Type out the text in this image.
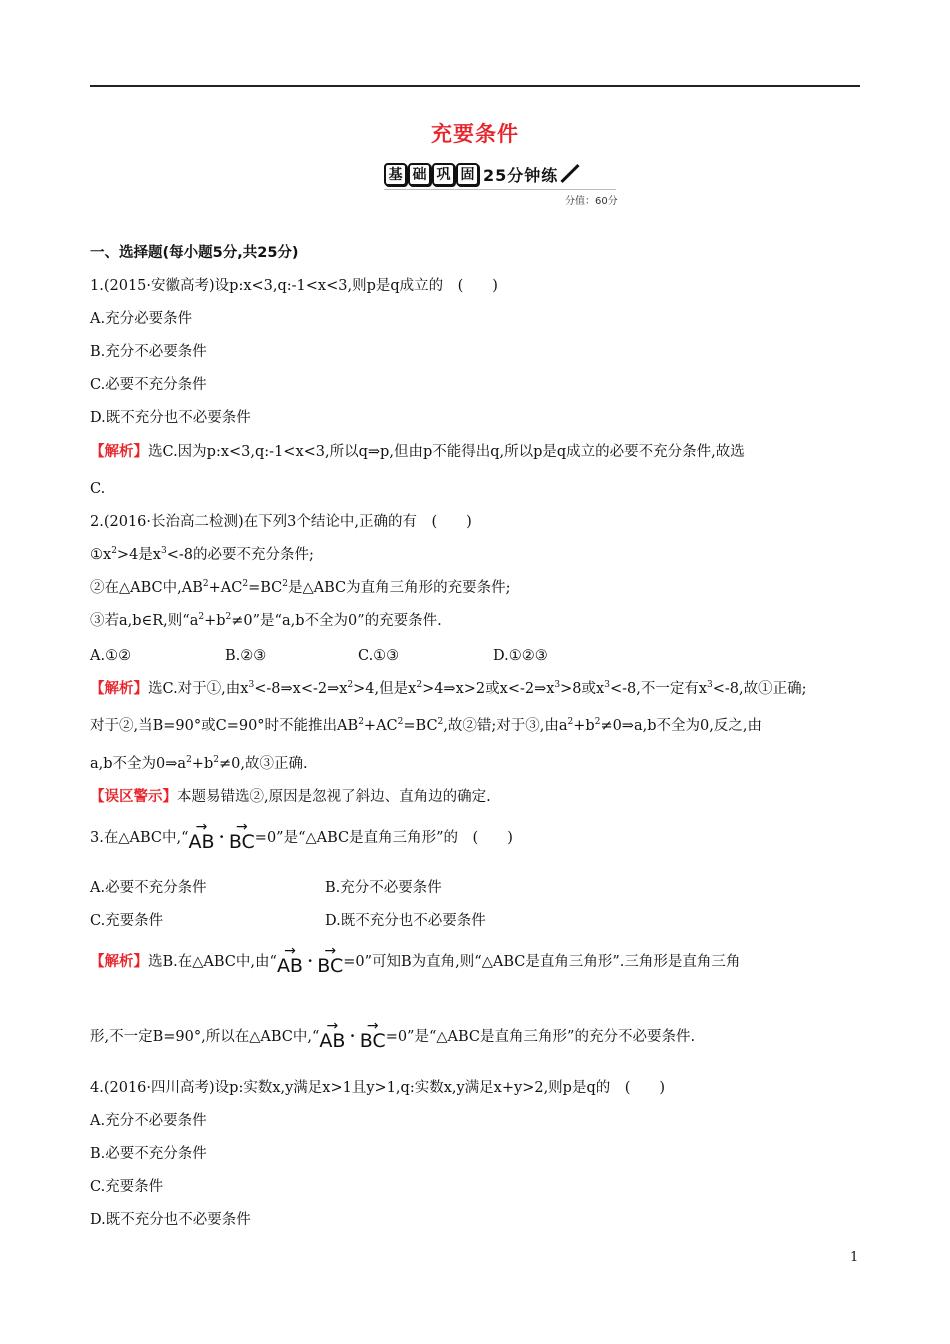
充要条件
基 础 巩 固 25分钟练
分值：60分
一、选择题(每小题5分,共25分)
1.(2015·安徽高考)设p:x<3,q:-1<x<3,则p是q成立的　(　　)
A.充分必要条件
B.充分不必要条件
C.必要不充分条件
D.既不充分也不必要条件
【解析】选C.因为p:x<3,q:-1<x<3,所以q⇒p,但由p不能得出q,所以p是q成立的必要不充分条件,故选
C.
2.(2016·长治高二检测)在下列3个结论中,正确的有　(　　)
$①x^2>4$是$x^3<-8$的必要不充分条件;
②在△ABC中$,AB^2+AC^2=BC^2$是△ABC为直角三角形的充要条件;
③若a,b∈R,则“$a^2+b^2\ne 0$”是“a,b不全为0”的充要条件.
A.①②	B.②③	C.①③	D.①②③
【解析】选C.对于①,由$x^3<-8\Rightarrow x<-2\Rightarrow x^2>4$,但是$x^2>4\Rightarrow x>2$或$x<-2\Rightarrow x^3>8$或$x^3<-8$,不一定有$x^3<-8$,故①正确;
对于②,当B=90°或C=90°时不能推出$AB^2+AC^2=BC^2$,故②错;对于③,由$a^2+b^2\ne 0\Rightarrow a,b$不全为0,反之,由
a,b不全为$0\Rightarrow a^2+b^2\ne 0$,故③正确.
【误区警示】本题易错选②,原因是忽视了斜边、直角边的确定.
3.在△ABC中,“
→
AB ·
→
BC=0”是“△ABC是直角三角形”的　(　　)
A.必要不充分条件	B.充分不必要条件
C.充要条件	D.既不充分也不必要条件
【解析】选B.在△ABC中,由“
→
AB ·
→
BC=0”可知B为直角,则“△ABC是直角三角形”.三角形是直角三角
形,不一定B=90°,所以在△ABC中,“
→
AB ·
→
BC=0”是“△ABC是直角三角形”的充分不必要条件.
4.(2016·四川高考)设p:实数x,y满足x>1且y>1,q:实数x,y满足x+y>2,则p是q的　(　　)
A.充分不必要条件
B.必要不充分条件
C.充要条件
D.既不充分也不必要条件
1
